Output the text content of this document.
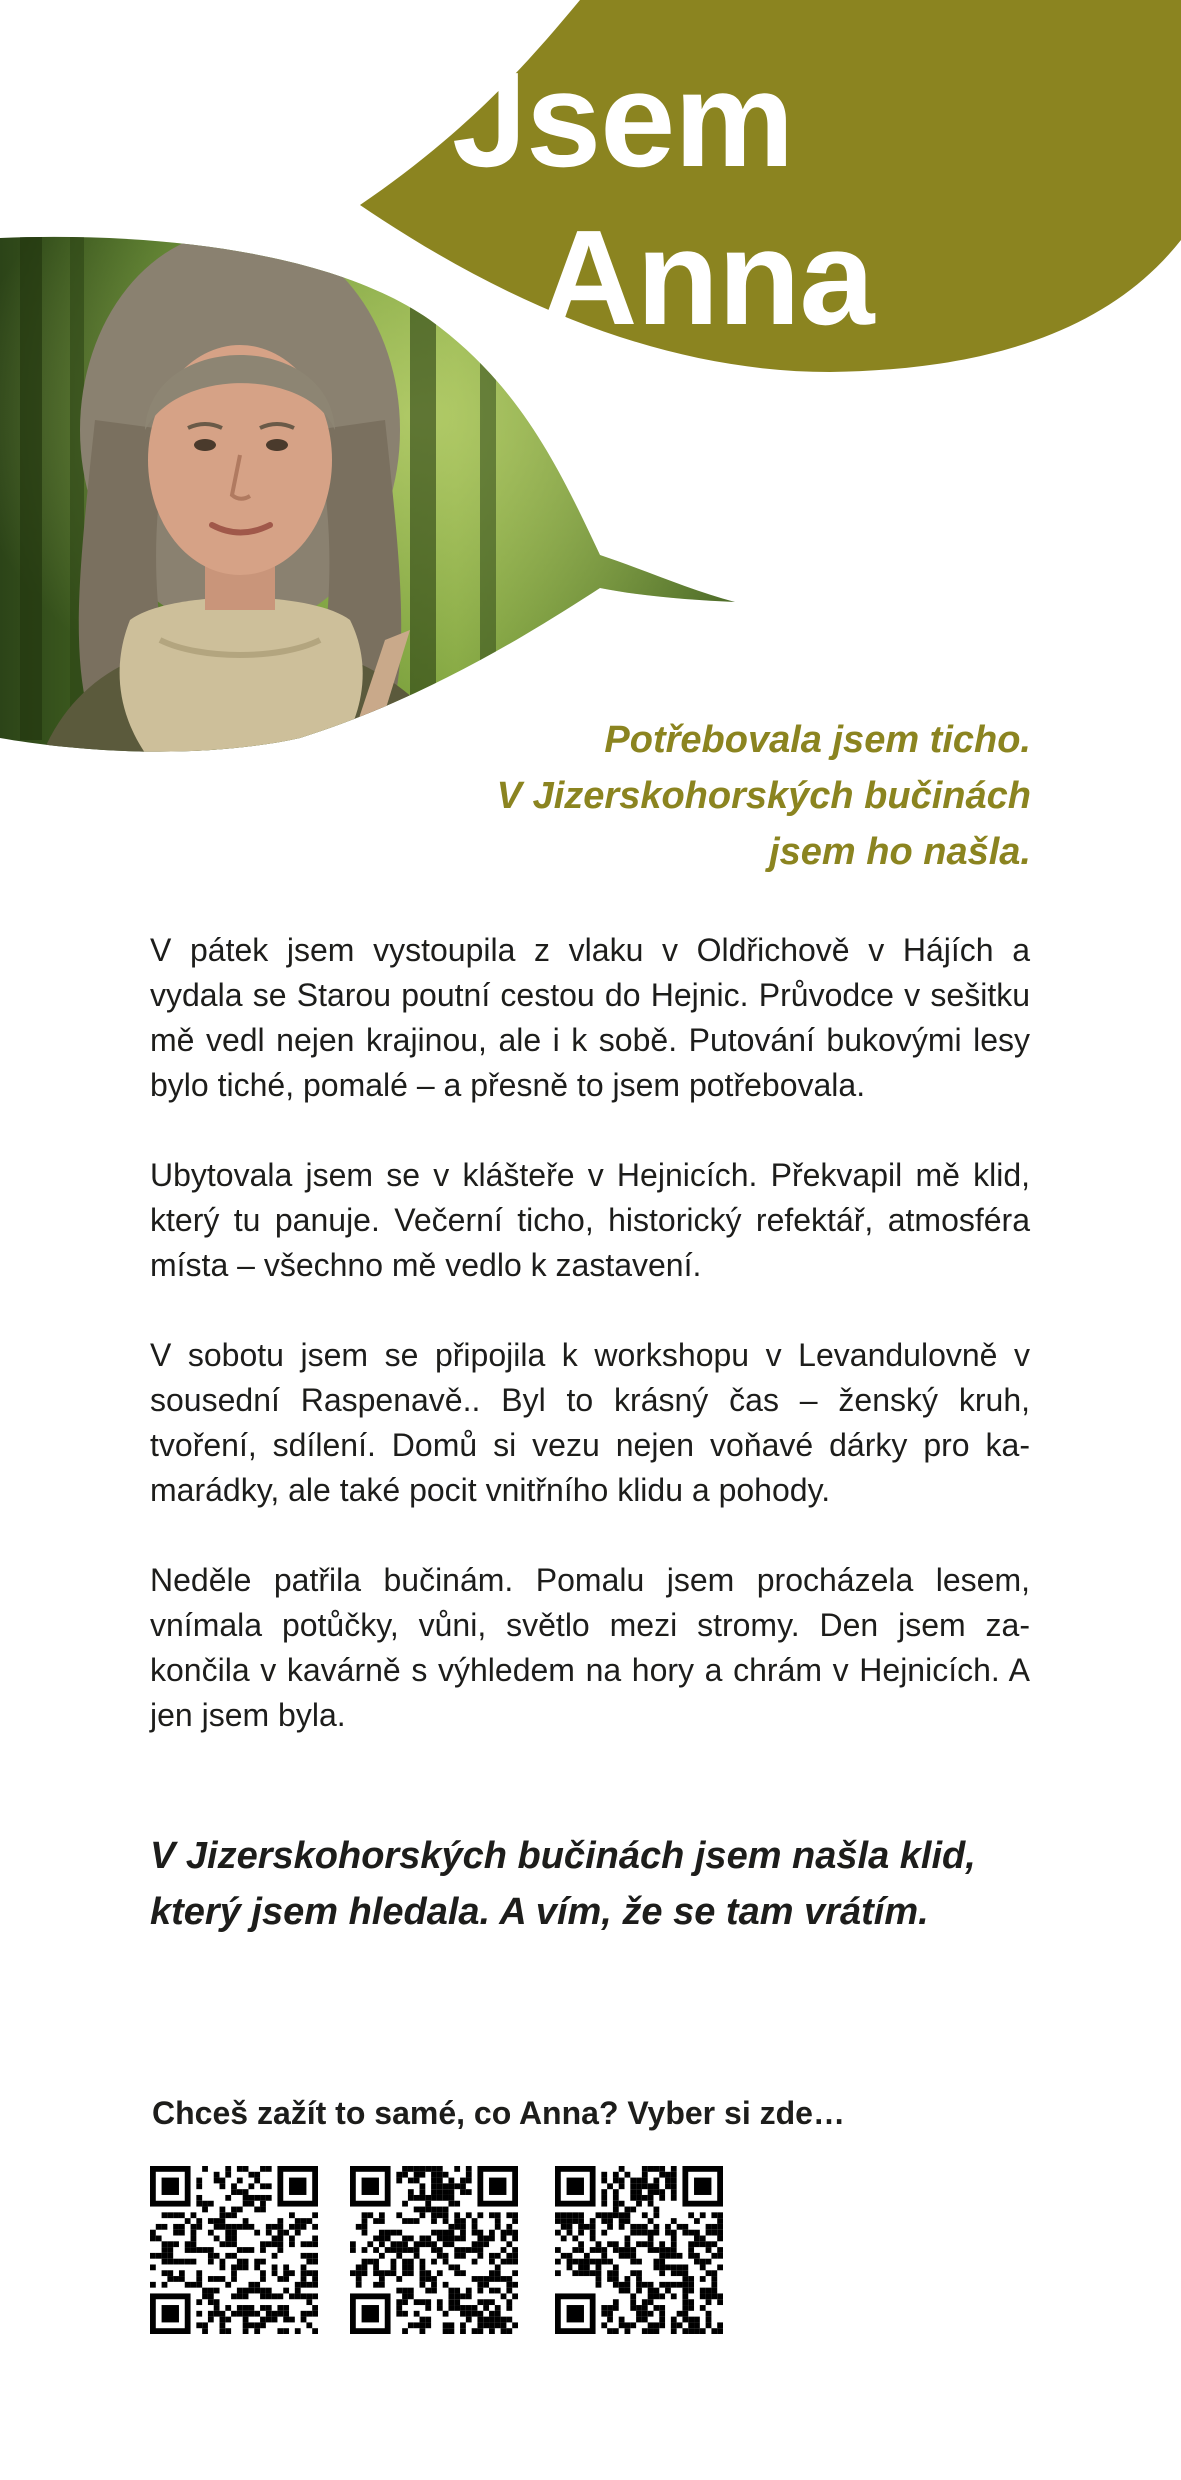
Jsem
Anna

Potřebovala jsem ticho.
V Jizerskohorských bučinách
jsem ho našla.

V pátek jsem vystoupila z vlaku v Oldřichově v Hájích a vydala se Starou poutní cestou do Hejnic. Průvodce v sešitku mě vedl nejen krajinou, ale i k sobě. Putování bukovými lesy bylo tiché, pomalé – a přesně to jsem potřebovala.

Ubytovala jsem se v klášteře v Hejnicích. Překvapil mě klid, který tu panuje. Večerní ticho, historický refektář, atmosféra místa – všechno mě vedlo k zastavení.

V sobotu jsem se připojila k workshopu v Levandulovně v sousední Raspenavě.. Byl to krásný čas – ženský kruh, tvoření, sdílení. Domů si vezu nejen voňavé dárky pro kamarádky, ale také pocit vnitřního klidu a pohody.

Neděle patřila bučinám. Pomalu jsem procházela lesem, vnímala potůčky, vůni, světlo mezi stromy. Den jsem zakončila v kavárně s výhledem na hory a chrám v Hejnicích. A jen jsem byla.

V Jizerskohorských bučinách jsem našla klid,
který jsem hledala. A vím, že se tam vrátím.

Chceš zažít to samé, co Anna? Vyber si zde…
